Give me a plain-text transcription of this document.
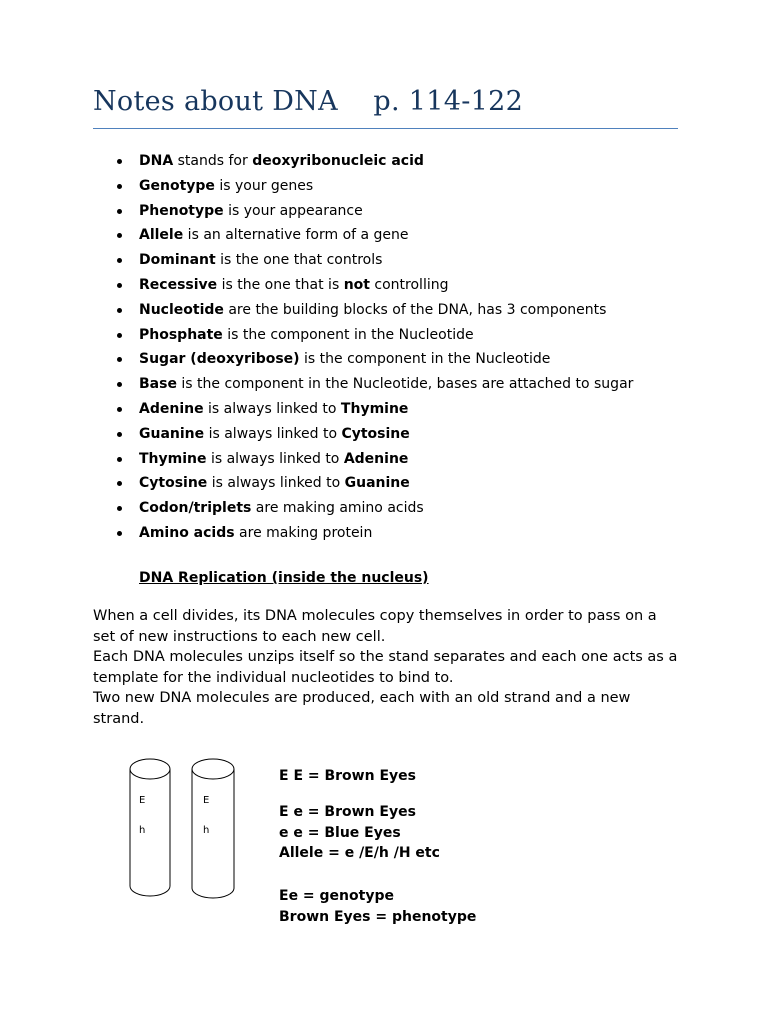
Notes about DNA    p. 114-122
DNA stands for deoxyribonucleic acid
Genotype is your genes
Phenotype is your appearance
Allele is an alternative form of a gene
Dominant is the one that controls
Recessive is the one that is not controlling
Nucleotide are the building blocks of the DNA, has 3 components
Phosphate is the component in the Nucleotide
Sugar (deoxyribose) is the component in the Nucleotide
Base is the component in the Nucleotide, bases are attached to sugar
Adenine is always linked to Thymine
Guanine is always linked to Cytosine
Thymine is always linked to Adenine
Cytosine is always linked to Guanine
Codon/triplets are making amino acids
Amino acids are making protein
DNA Replication (inside the nucleus)
When a cell divides, its DNA molecules copy themselves in order to pass on a
set of new instructions to each new cell.
Each DNA molecules unzips itself so the stand separates and each one acts as a
template for the individual nucleotides to bind to.
Two new DNA molecules are produced, each with an old strand and a new
strand.
E
h
E
h
E E = Brown Eyes
E e = Brown Eyes
e e = Blue Eyes
Allele = e /E/h /H etc
Ee = genotype
Brown Eyes = phenotype
